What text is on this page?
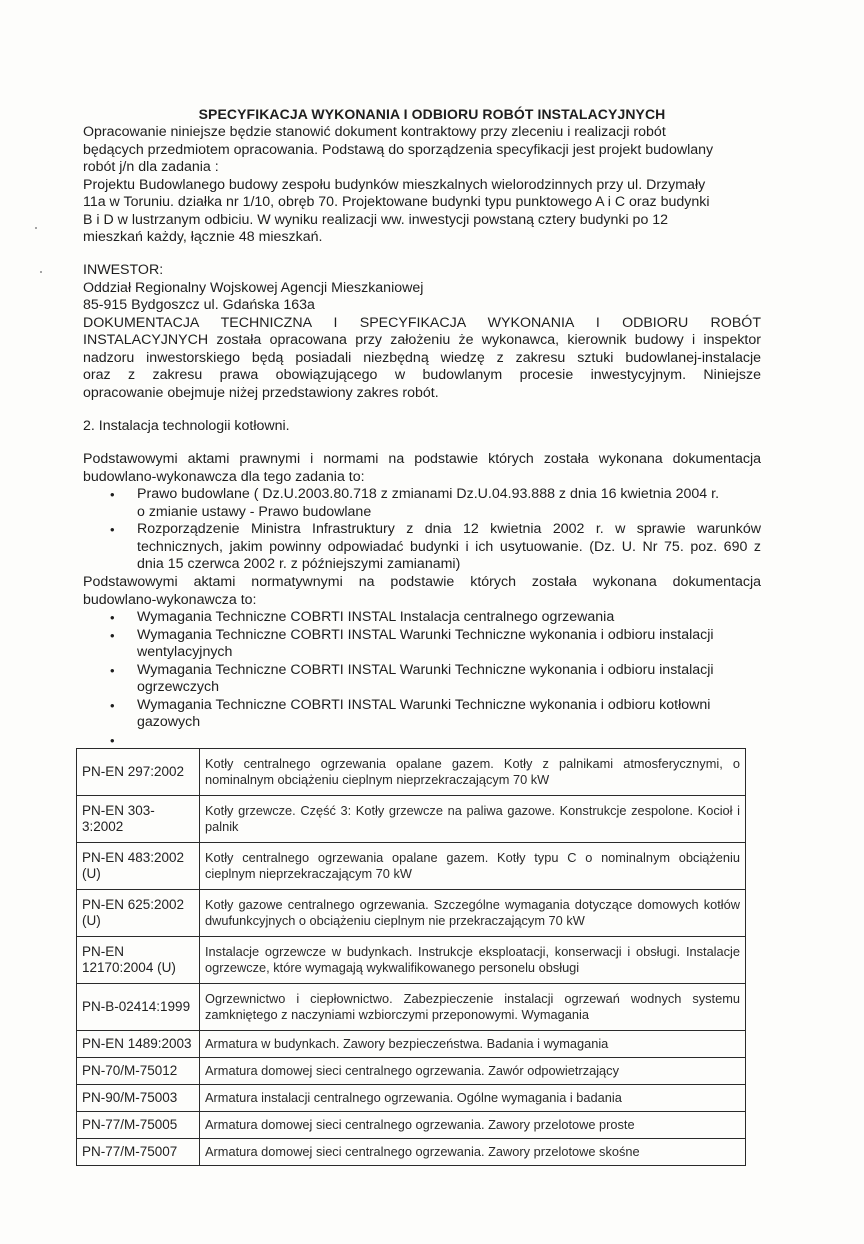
SPECYFIKACJA WYKONANIA I ODBIORU ROBÓT INSTALACYJNYCH
Opracowanie niniejsze będzie stanowić dokument kontraktowy przy zleceniu i realizacji robót
będących przedmiotem opracowania. Podstawą do sporządzenia specyfikacji jest projekt budowlany
robót j/n dla zadania :
Projektu Budowlanego budowy zespołu budynków mieszkalnych wielorodzinnych przy ul. Drzymały
11a w Toruniu. działka nr 1/10, obręb 70. Projektowane budynki typu punktowego A i C oraz budynki
B i D w lustrzanym odbiciu. W wyniku realizacji ww. inwestycji powstaną cztery budynki po 12
mieszkań każdy, łącznie 48 mieszkań.
INWESTOR:
Oddział Regionalny Wojskowej Agencji Mieszkaniowej
85-915 Bydgoszcz ul. Gdańska 163a
DOKUMENTACJA TECHNICZNA I SPECYFIKACJA WYKONANIA I ODBIORU ROBÓT
INSTALACYJNYCH została opracowana przy założeniu że wykonawca, kierownik budowy i inspektor
nadzoru inwestorskiego będą posiadali niezbędną wiedzę z zakresu sztuki budowlanej-instalacje
oraz z zakresu prawa obowiązującego w budowlanym procesie inwestycyjnym. Niniejsze
opracowanie obejmuje niżej przedstawiony zakres robót.
2. Instalacja technologii kotłowni.
Podstawowymi aktami prawnymi i normami na podstawie których została wykonana dokumentacja
budowlano-wykonawcza dla tego zadania to:
• Prawo budowlane ( Dz.U.2003.80.718 z zmianami Dz.U.04.93.888 z dnia 16 kwietnia 2004 r.
o zmianie ustawy - Prawo budowlane
• Rozporządzenie Ministra Infrastruktury z dnia 12 kwietnia 2002 r. w sprawie warunków
technicznych, jakim powinny odpowiadać budynki i ich usytuowanie. (Dz. U. Nr 75. poz. 690 z
dnia 15 czerwca 2002 r. z późniejszymi zamianami)
Podstawowymi aktami normatywnymi na podstawie których została wykonana dokumentacja
budowlano-wykonawcza to:
• Wymagania Techniczne COBRTI INSTAL Instalacja centralnego ogrzewania
• Wymagania Techniczne COBRTI INSTAL Warunki Techniczne wykonania i odbioru instalacji
wentylacyjnych
• Wymagania Techniczne COBRTI INSTAL Warunki Techniczne wykonania i odbioru instalacji
ogrzewczych
• Wymagania Techniczne COBRTI INSTAL Warunki Techniczne wykonania i odbioru kotłowni
gazowych
•
PN-EN 297:2002	Kotły centralnego ogrzewania opalane gazem. Kotły z palnikami atmosferycznymi, o nominalnym obciążeniu cieplnym nieprzekraczającym 70 kW
PN-EN 303-3:2002	Kotły grzewcze. Część 3: Kotły grzewcze na paliwa gazowe. Konstrukcje zespolone. Kocioł i palnik
PN-EN 483:2002 (U)	Kotły centralnego ogrzewania opalane gazem. Kotły typu C o nominalnym obciążeniu cieplnym nieprzekraczającym 70 kW
PN-EN 625:2002 (U)	Kotły gazowe centralnego ogrzewania. Szczególne wymagania dotyczące domowych kotłów dwufunkcyjnych o obciążeniu cieplnym nie przekraczającym 70 kW
PN-EN 12170:2004 (U)	Instalacje ogrzewcze w budynkach. Instrukcje eksploatacji, konserwacji i obsługi. Instalacje ogrzewcze, które wymagają wykwalifikowanego personelu obsługi
PN-B-02414:1999	Ogrzewnictwo i ciepłownictwo. Zabezpieczenie instalacji ogrzewań wodnych systemu zamkniętego z naczyniami wzbiorczymi przeponowymi. Wymagania
PN-EN 1489:2003	Armatura w budynkach. Zawory bezpieczeństwa. Badania i wymagania
PN-70/M-75012	Armatura domowej sieci centralnego ogrzewania. Zawór odpowietrzający
PN-90/M-75003	Armatura instalacji centralnego ogrzewania. Ogólne wymagania i badania
PN-77/M-75005	Armatura domowej sieci centralnego ogrzewania. Zawory przelotowe proste
PN-77/M-75007	Armatura domowej sieci centralnego ogrzewania. Zawory przelotowe skośne
